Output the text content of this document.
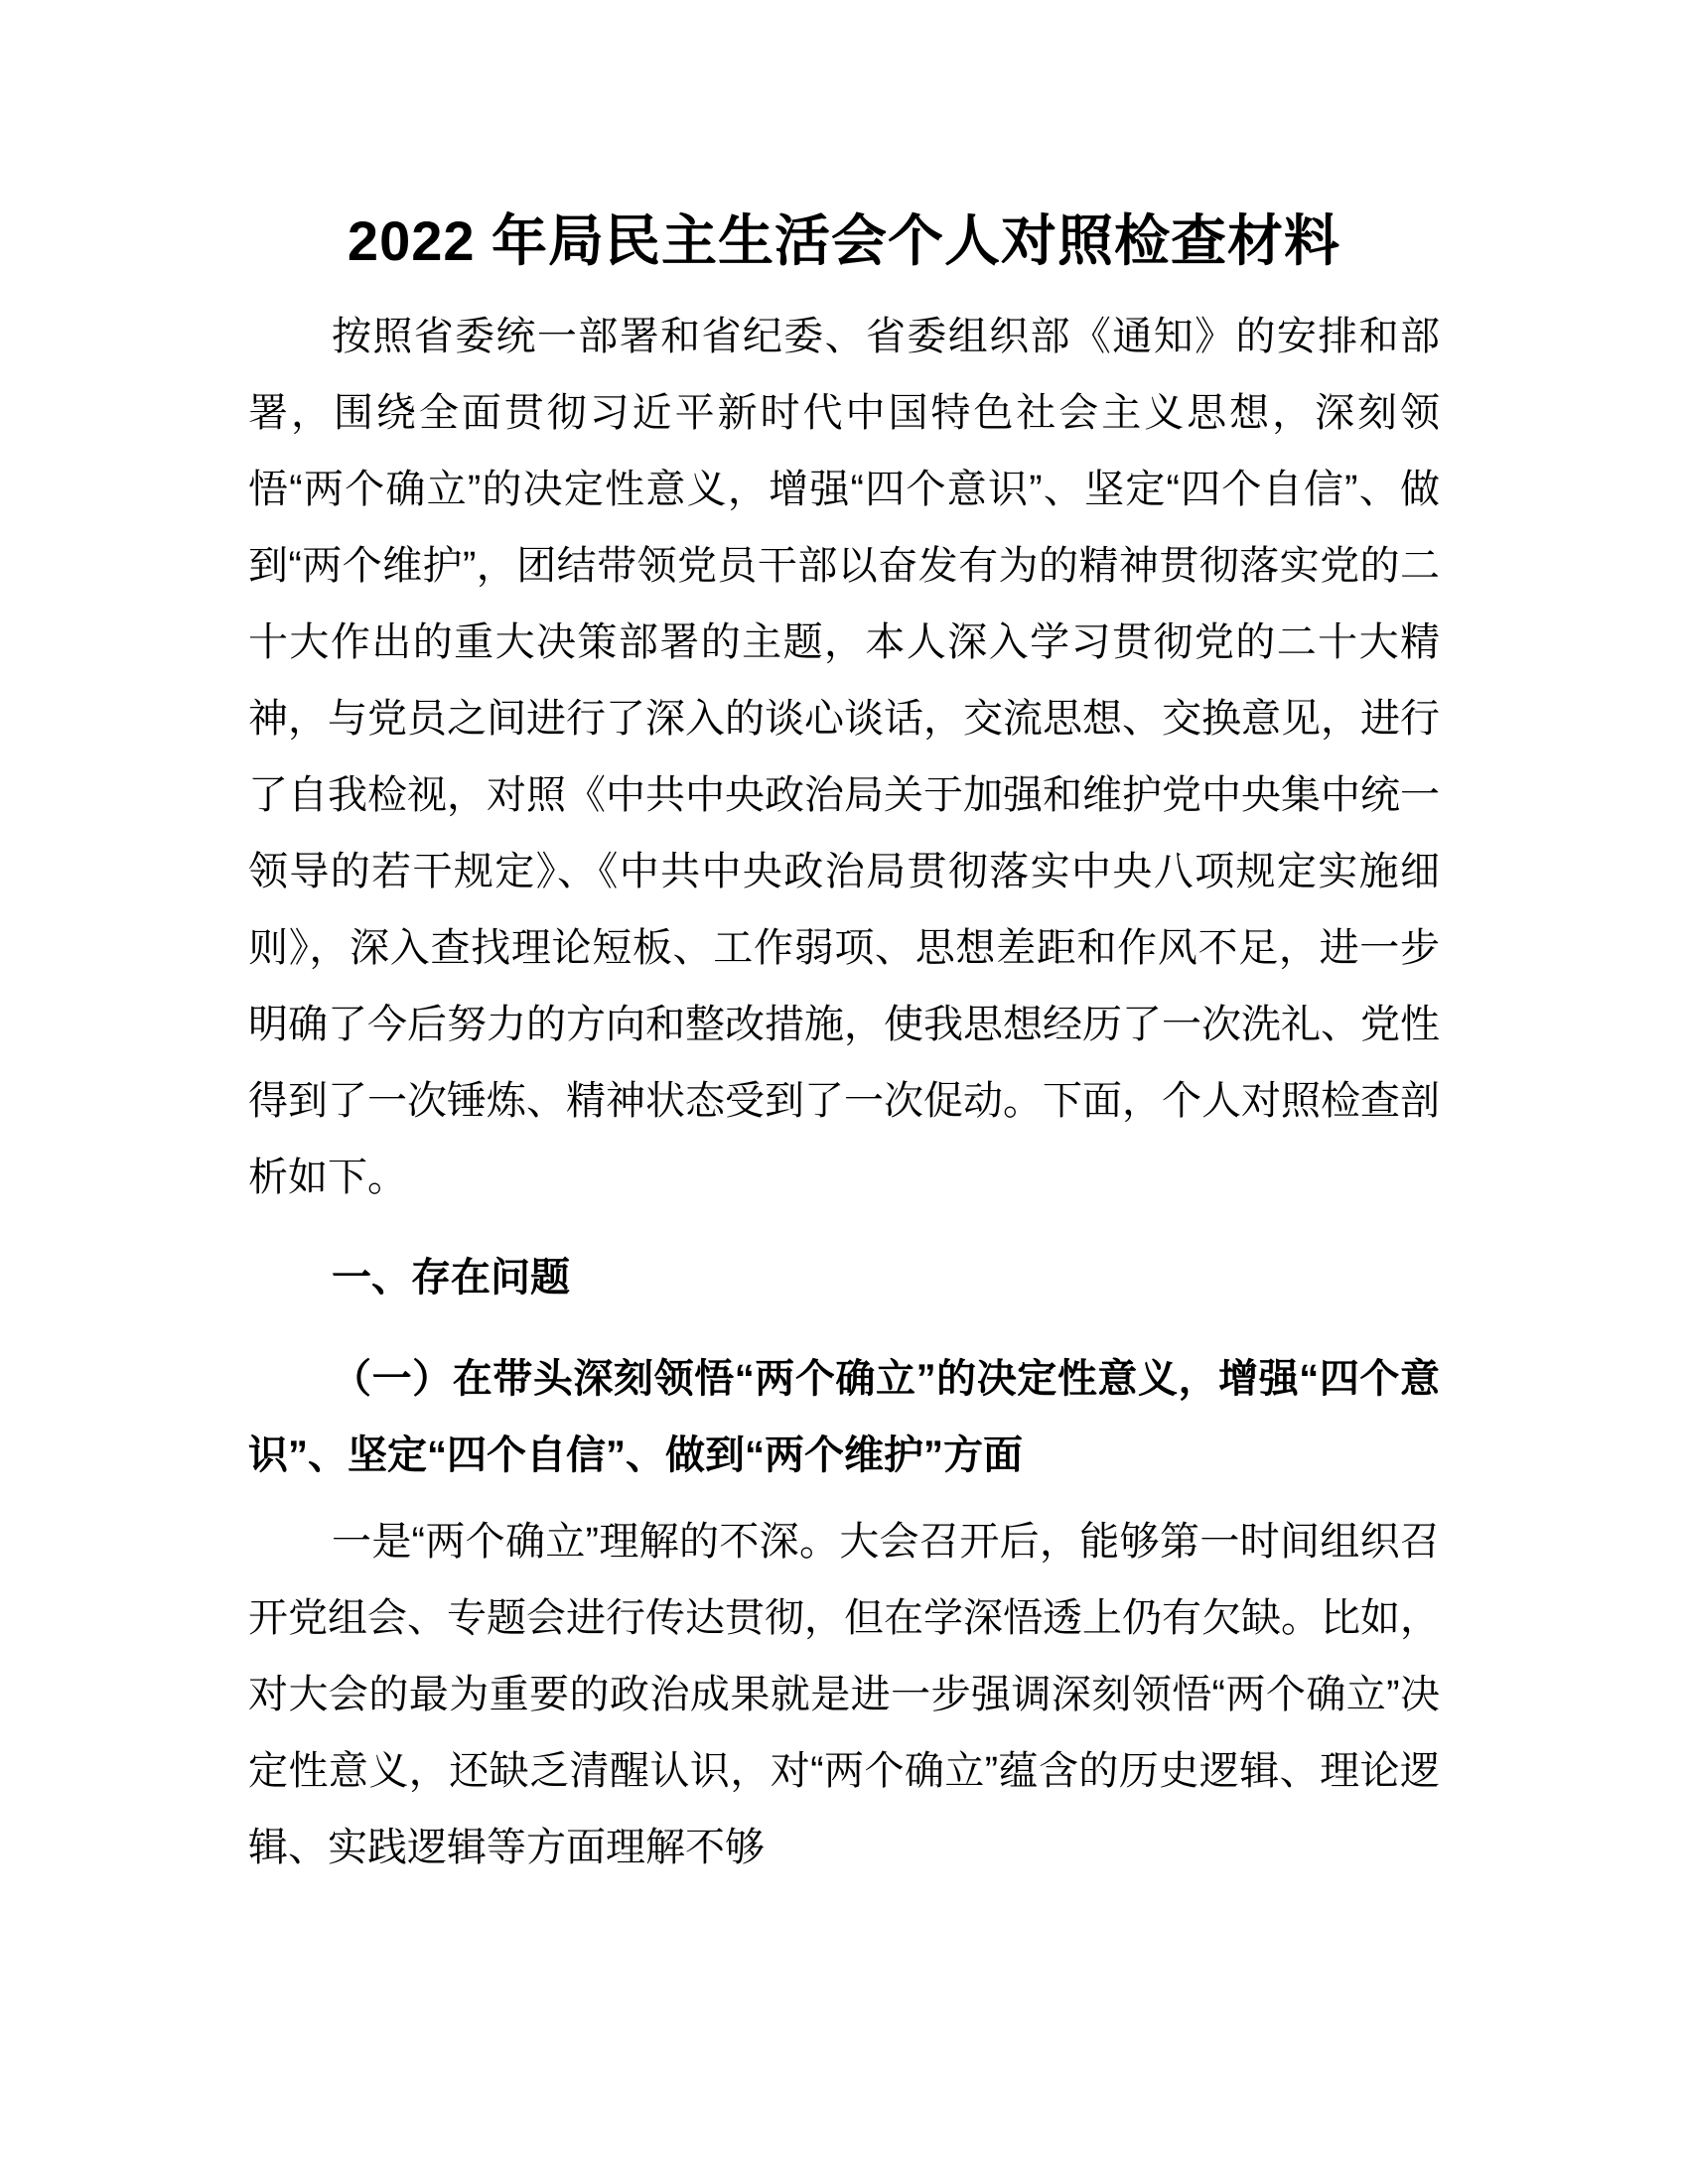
2022 年局民主生活会个人对照检查材料

按照省委统一部署和省纪委、省委组织部《通知》的安排和部署，围绕全面贯彻习近平新时代中国特色社会主义思想，深刻领悟“两个确立”的决定性意义，增强“四个意识”、坚定“四个自信”、做到“两个维护”，团结带领党员干部以奋发有为的精神贯彻落实党的二十大作出的重大决策部署的主题，本人深入学习贯彻党的二十大精神，与党员之间进行了深入的谈心谈话，交流思想、交换意见，进行了自我检视，对照《中共中央政治局关于加强和维护党中央集中统一领导的若干规定》、《中共中央政治局贯彻落实中央八项规定实施细则》，深入查找理论短板、工作弱项、思想差距和作风不足，进一步明确了今后努力的方向和整改措施，使我思想经历了一次洗礼、党性得到了一次锤炼、精神状态受到了一次促动。下面，个人对照检查剖析如下。

一、存在问题

（一）在带头深刻领悟“两个确立”的决定性意义，增强“四个意识”、坚定“四个自信”、做到“两个维护”方面

一是“两个确立”理解的不深。大会召开后，能够第一时间组织召开党组会、专题会进行传达贯彻，但在学深悟透上仍有欠缺。比如，对大会的最为重要的政治成果就是进一步强调深刻领悟“两个确立”决定性意义，还缺乏清醒认识，对“两个确立”蕴含的历史逻辑、理论逻辑、实践逻辑等方面理解不够
